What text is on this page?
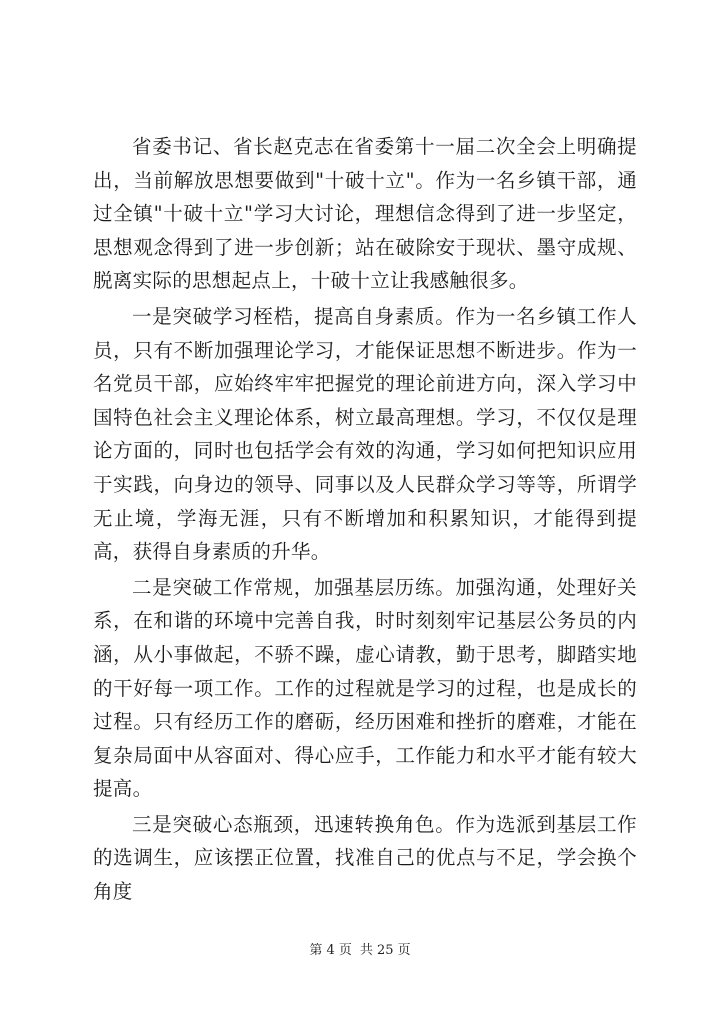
省委书记、省长赵克志在省委第十一届二次全会上明确提出，当前解放思想要做到"十破十立"。作为一名乡镇干部，通过全镇"十破十立"学习大讨论，理想信念得到了进一步坚定，思想观念得到了进一步创新；站在破除安于现状、墨守成规、脱离实际的思想起点上，十破十立让我感触很多。

一是突破学习桎梏，提高自身素质。作为一名乡镇工作人员，只有不断加强理论学习，才能保证思想不断进步。作为一名党员干部，应始终牢牢把握党的理论前进方向，深入学习中国特色社会主义理论体系，树立最高理想。学习，不仅仅是理论方面的，同时也包括学会有效的沟通，学习如何把知识应用于实践，向身边的领导、同事以及人民群众学习等等，所谓学无止境，学海无涯，只有不断增加和积累知识，才能得到提高，获得自身素质的升华。

二是突破工作常规，加强基层历练。加强沟通，处理好关系，在和谐的环境中完善自我，时时刻刻牢记基层公务员的内涵，从小事做起，不骄不躁，虚心请教，勤于思考，脚踏实地的干好每一项工作。工作的过程就是学习的过程，也是成长的过程。只有经历工作的磨砺，经历困难和挫折的磨难，才能在复杂局面中从容面对、得心应手，工作能力和水平才能有较大提高。

三是突破心态瓶颈，迅速转换角色。作为选派到基层工作的选调生，应该摆正位置，找准自己的优点与不足，学会换个角度

第 4 页 共 25 页
